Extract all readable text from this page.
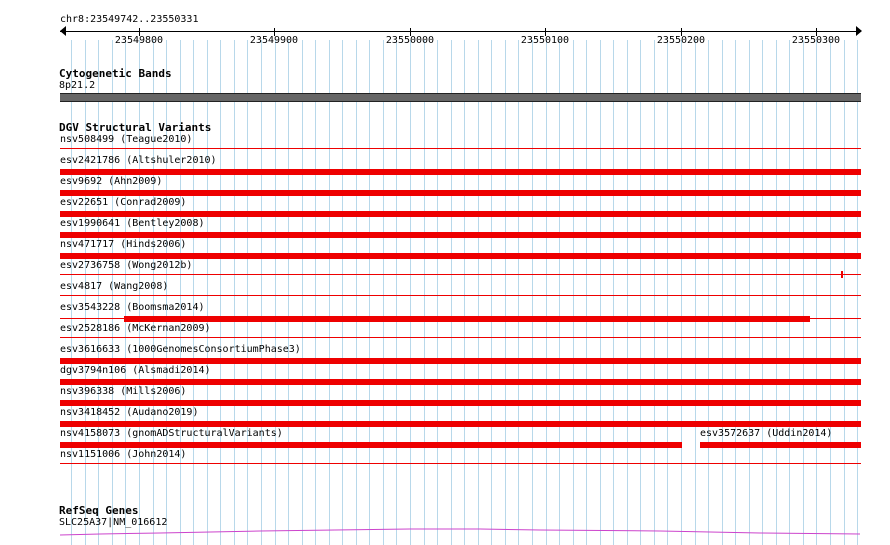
chr8:23549742..23550331
23549800	23549900	23550000	23550100	23550200	23550300
Cytogenetic Bands
8p21.2
DGV Structural Variants
nsv508499 (Teague2010)
esv2421786 (Altshuler2010)
esv9692 (Ahn2009)
esv22651 (Conrad2009)
esv1990641 (Bentley2008)
nsv471717 (Hinds2006)
esv2736758 (Wong2012b)
esv4817 (Wang2008)
esv3543228 (Boomsma2014)
esv2528186 (McKernan2009)
esv3616633 (1000GenomesConsortiumPhase3)
dgv3794n106 (Alsmadi2014)
nsv396338 (Mills2006)
nsv3418452 (Audano2019)
nsv4158073 (gnomADStructuralVariants)	esv3572637 (Uddin2014)
nsv1151006 (John2014)
RefSeq Genes
SLC25A37|NM_016612
